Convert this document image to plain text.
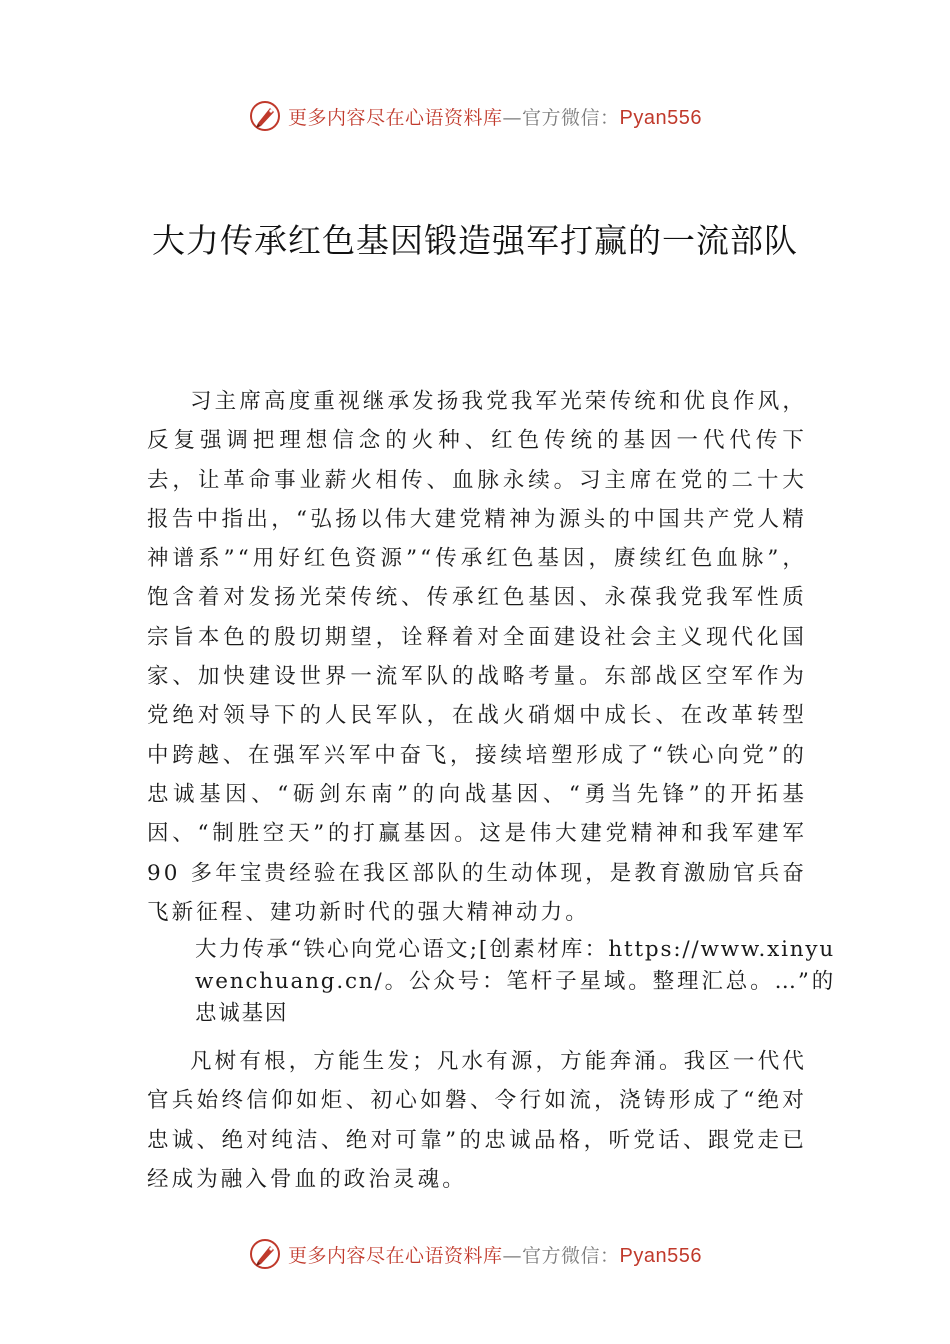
更多内容尽在心语资料库—官方微信：Pyan556
大力传承红色基因锻造强军打赢的一流部队

习主席高度重视继承发扬我党我军光荣传统和优良作风，反复强调把理想信念的火种、红色传统的基因一代代传下去，让革命事业薪火相传、血脉永续。习主席在党的二十大报告中指出，“弘扬以伟大建党精神为源头的中国共产党人精神谱系”“用好红色资源”“传承红色基因，赓续红色血脉”，饱含着对发扬光荣传统、传承红色基因、永葆我党我军性质宗旨本色的殷切期望，诠释着对全面建设社会主义现代化国家、加快建设世界一流军队的战略考量。东部战区空军作为党绝对领导下的人民军队，在战火硝烟中成长、在改革转型中跨越、在强军兴军中奋飞，接续培塑形成了“铁心向党”的忠诚基因、“砺剑东南”的向战基因、“勇当先锋”的开拓基因、“制胜空天”的打赢基因。这是伟大建党精神和我军建军 90 多年宝贵经验在我区部队的生动体现，是教育激励官兵奋飞新征程、建功新时代的强大精神动力。

大力传承“铁心向党心语文;[创素材库：https://www.xinyuwenchuang.cn/。公众号：笔杆子星域。整理汇总。…”的忠诚基因

凡树有根，方能生发；凡水有源，方能奔涌。我区一代代官兵始终信仰如炬、初心如磐、令行如流，浇铸形成了“绝对忠诚、绝对纯洁、绝对可靠”的忠诚品格，听党话、跟党走已经成为融入骨血的政治灵魂。

更多内容尽在心语资料库—官方微信：Pyan556
